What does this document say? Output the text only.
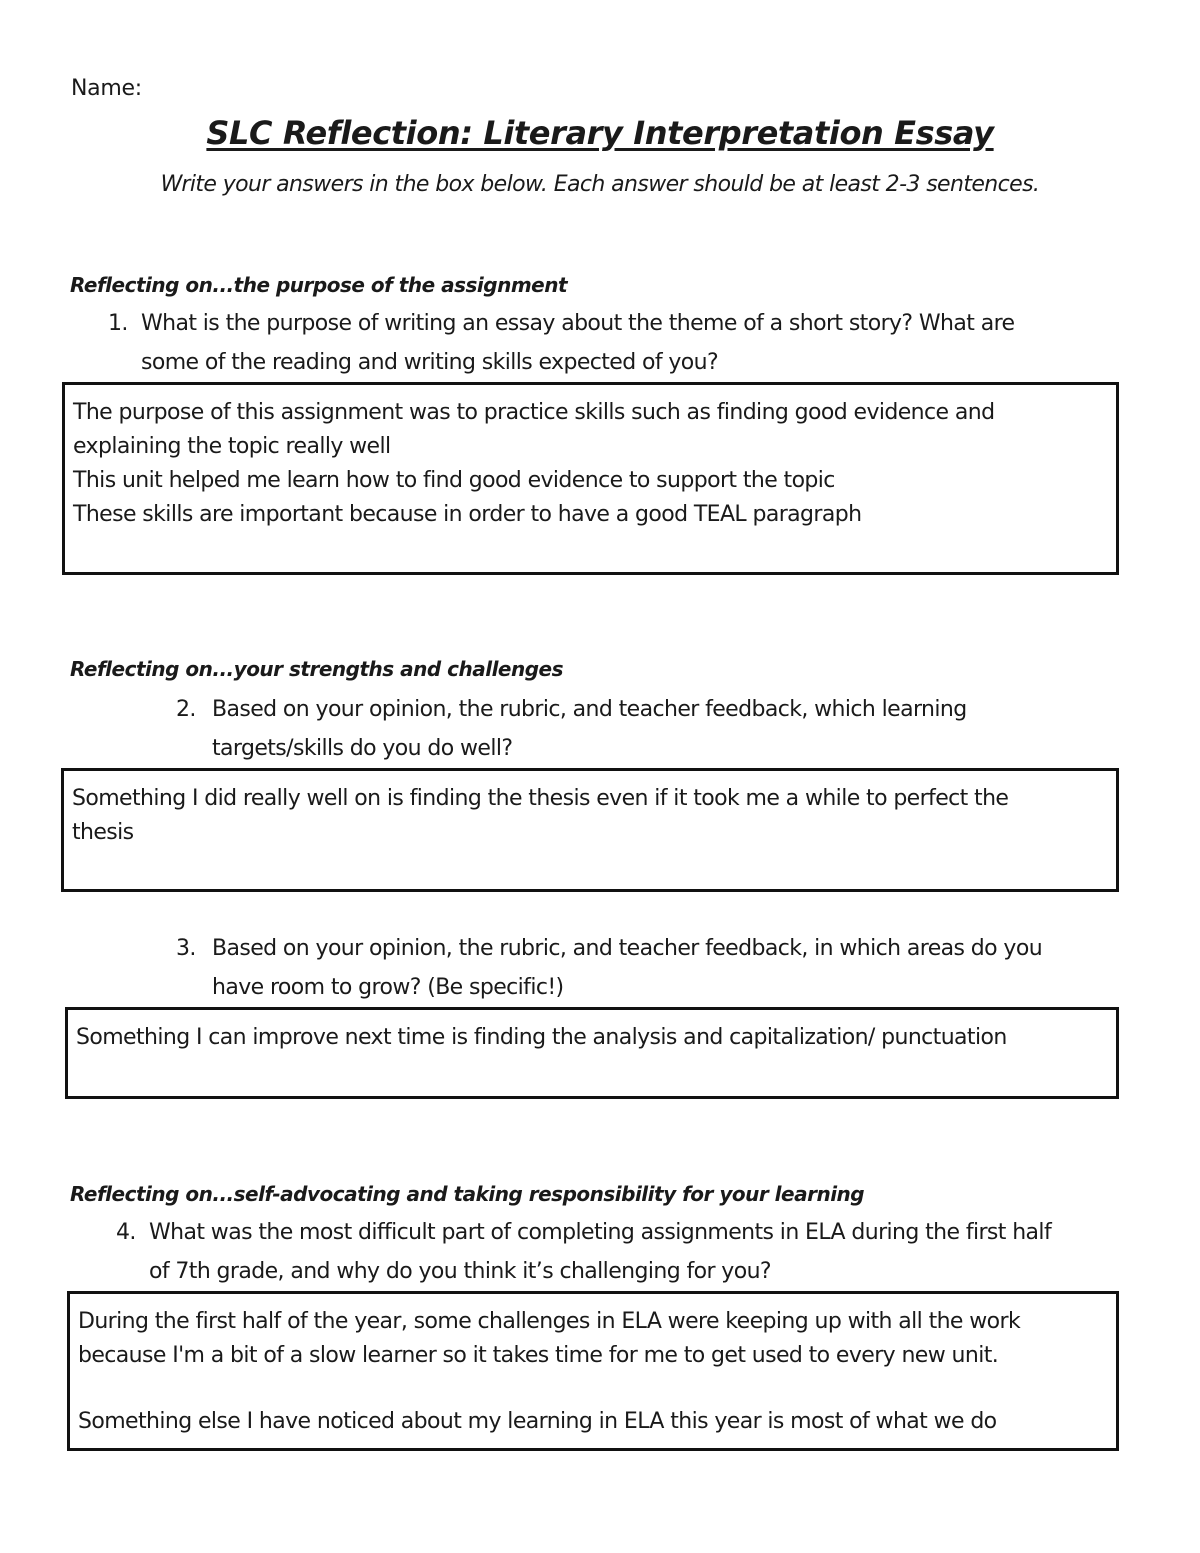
Name:
SLC Reflection: Literary Interpretation Essay
Write your answers in the box below. Each answer should be at least 2-3 sentences.
Reflecting on...the purpose of the assignment
1. What is the purpose of writing an essay about the theme of a short story? What are
some of the reading and writing skills expected of you?
The purpose of this assignment was to practice skills such as finding good evidence and
explaining the topic really well
This unit helped me learn how to find good evidence to support the topic
These skills are important because in order to have a good TEAL paragraph
Reflecting on...your strengths and challenges
2. Based on your opinion, the rubric, and teacher feedback, which learning
targets/skills do you do well?
Something I did really well on is finding the thesis even if it took me a while to perfect the
thesis
3. Based on your opinion, the rubric, and teacher feedback, in which areas do you
have room to grow? (Be specific!)
Something I can improve next time is finding the analysis and capitalization/ punctuation
Reflecting on...self-advocating and taking responsibility for your learning
4. What was the most difficult part of completing assignments in ELA during the first half
of 7th grade, and why do you think it’s challenging for you?
During the first half of the year, some challenges in ELA were keeping up with all the work
because I'm a bit of a slow learner so it takes time for me to get used to every new unit.
Something else I have noticed about my learning in ELA this year is most of what we do
